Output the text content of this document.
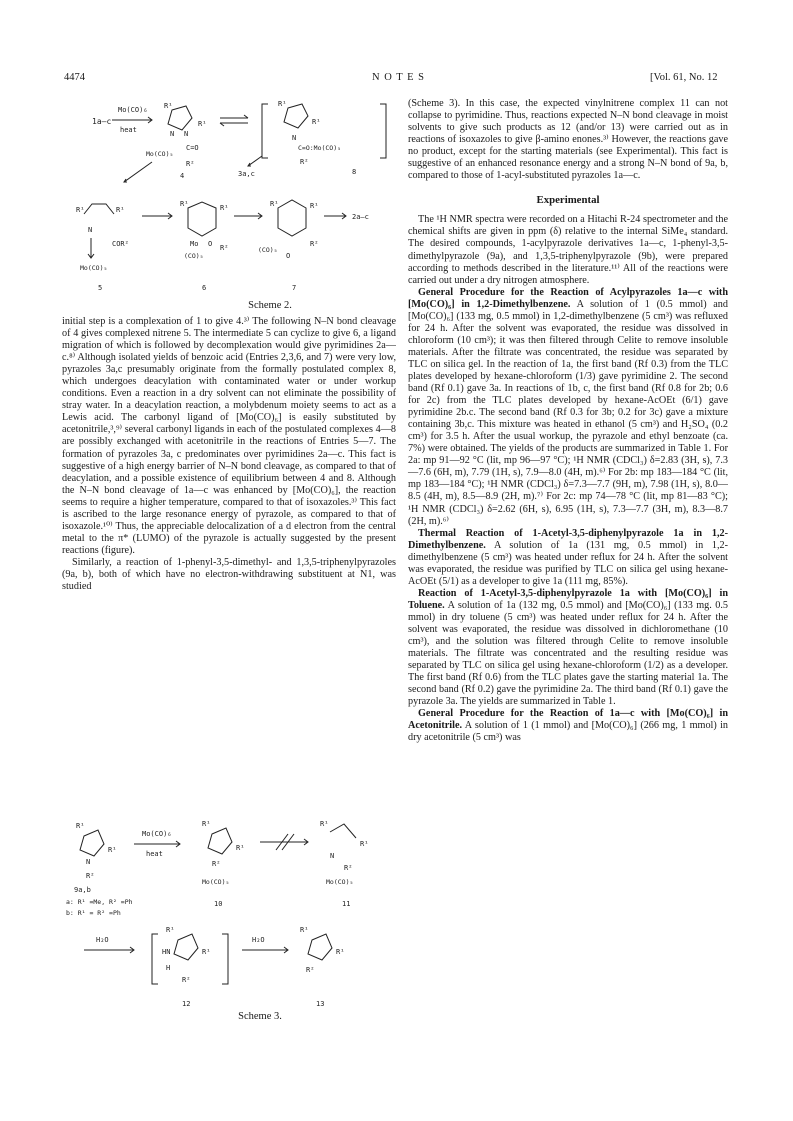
4474	N O T E S	[Vol. 61, No. 12
1a—c
Mo(CO)₆
heat
R¹
R¹
N N
Mo(CO)₅
C=O
R²
4
R¹
R¹
N
C=O:Mo(CO)₅
R²
8
3a,c
R¹	R¹
N
COR²
Mo(CO)₅
5
R¹	R¹
Mo O R²
(CO)₅
6
R¹	R¹
R²
(CO)₅
O
7
2a—c
Scheme 2.

initial step is a complexation of 1 to give 4.³⁾ The following N–N bond cleavage of 4 gives complexed nitrene 5. The intermediate 5 can cyclize to give 6, a ligand migration of which is followed by decomplexation would give pyrimidines 2a—c.⁸⁾ Although isolated yields of benzoic acid (Entries 2,3,6, and 7) were very low, pyrazoles 3a,c presumably originate from the formally postulated complex 8, which undergoes deacylation with contaminated water or under workup conditions. Even a reaction in a dry solvent can not eliminate the possibility of stray water. In a deacylation reaction, a molybdenum moiety seems to act as a Lewis acid. The carbonyl ligand of [Mo(CO)₆] is easily substituted by acetonitrile,³,⁹⁾ several carbonyl ligands in each of the postulated complexes 4—8 are possibly exchanged with acetonitrile in the reactions of Entries 5—7. The formation of pyrazoles 3a, c predominates over pyrimidines 2a—c. This fact is suggestive of a high energy barrier of N–N bond cleavage, as compared to that of deacylation, and a possible existence of equilibrium between 4 and 8. Although the N–N bond cleavage of 1a—c was enhanced by [Mo(CO)₆], the reaction seems to require a higher temperature, compared to that of isoxazoles.³⁾ This fact is ascribed to the large resonance energy of pyrazole, as compared to that of isoxazole.¹⁰⁾ Thus, the appreciable delocalization of a d electron from the central metal to the π* (LUMO) of the pyrazole is actually suggested by the present reactions (figure).

Similarly, a reaction of 1-phenyl-3,5-dimethyl- and 1,3,5-triphenylpyrazoles (9a, b), both of which have no electron-withdrawing substituent at N1, was studied

R¹
R¹
N
R²
9a,b
a: R¹ =Me, R² =Ph
b: R¹ = R² =Ph
Mo(CO)₆
heat
R¹
R¹
R²
Mo(CO)₅
10
R¹
R¹
N
R²
Mo(CO)₅
11
H₂O
R¹
R¹
HN
H
R²
12
H₂O
R¹
R¹
R²
13
Scheme 3.

(Scheme 3). In this case, the expected vinylnitrene complex 11 can not collapse to pyrimidine. Thus, reactions expected N–N bond cleavage in moist solvents to give such products as 12 (and/or 13) were carried out as in reactions of isoxazoles to give β-amino enones.³⁾ However, the reactions gave no product, except for the starting materials (see Experimental). This fact is suggestive of an enhanced resonance energy and a strong N–N bond of 9a, b, compared to those of 1-acyl-substituted pyrazoles 1a—c.

Experimental

The ¹H NMR spectra were recorded on a Hitachi R-24 spectrometer and the chemical shifts are given in ppm (δ) relative to the internal SiMe₄ standard. The desired compounds, 1-acylpyrazole derivatives 1a—c, 1-phenyl-3,5-dimethylpyrazole (9a), and 1,3,5-triphenylpyrazole (9b), were prepared according to methods described in the literature.¹¹⁾ All of the reactions were carried out under a dry nitrogen atmosphere.

General Procedure for the Reaction of Acylpyrazoles 1a—c with [Mo(CO)₆] in 1,2-Dimethylbenzene. A solution of 1 (0.5 mmol) and [Mo(CO)₆] (133 mg, 0.5 mmol) in 1,2-dimethylbenzene (5 cm³) was refluxed for 24 h. After the solvent was evaporated, the residue was dissolved in chloroform (10 cm³); it was then filtered through Celite to remove insoluble materials. After the filtrate was concentrated, the residue was separated by TLC on silica gel. In the reaction of 1a, the first band (Rf 0.3) from the TLC plates developed by hexane-chloroform (1/3) gave pyrimidine 2. The second band (Rf 0.1) gave 3a. In reactions of 1b, c, the first band (Rf 0.8 for 2b; 0.6 for 2c) from the TLC plates developed by hexane-AcOEt (6/1) gave pyrimidine 2b.c. The second band (Rf 0.3 for 3b; 0.2 for 3c) gave a mixture containing 3b,c. This mixture was heated in ethanol (5 cm³) and H₂SO₄ (0.2 cm³) for 3.5 h. After the usual workup, the pyrazole and ethyl benzoate (ca. 7%) were obtained. The yields of the products are summarized in Table 1. For 2a: mp 91—92 °C (lit, mp 96—97 °C); ¹H NMR (CDCl₃) δ=2.83 (3H, s), 7.3—7.6 (6H, m), 7.79 (1H, s), 7.9—8.0 (4H, m).⁶⁾ For 2b: mp 183—184 °C (lit, mp 183—184 °C); ¹H NMR (CDCl₃) δ=7.3—7.7 (9H, m), 7.98 (1H, s), 8.0—8.5 (4H, m), 8.5—8.9 (2H, m).⁷⁾ For 2c: mp 74—78 °C (lit, mp 81—83 °C); ¹H NMR (CDCl₃) δ=2.62 (6H, s), 6.95 (1H, s), 7.3—7.7 (3H, m), 8.3—8.7 (2H, m).⁶⁾

Thermal Reaction of 1-Acetyl-3,5-diphenylpyrazole 1a in 1,2-Dimethylbenzene. A solution of 1a (131 mg, 0.5 mmol) in 1,2-dimethylbenzene (5 cm³) was heated under reflux for 24 h. After the solvent was evaporated, the residue was purified by TLC on silica gel using hexane-AcOEt (5/1) as a developer to give 1a (111 mg, 85%).

Reaction of 1-Acetyl-3,5-diphenylpyrazole 1a with [Mo(CO)₆] in Toluene. A solution of 1a (132 mg, 0.5 mmol) and [Mo(CO)₆] (133 mg. 0.5 mmol) in dry toluene (5 cm³) was heated under reflux for 24 h. After the solvent was evaporated, the residue was dissolved in dichloromethane (10 cm³), and the solution was filtered through Celite to remove insoluble materials. The filtrate was concentrated and the resulting residue was separated by TLC on silica gel using hexane-chloroform (1/2) as a developer. The first band (Rf 0.6) from the TLC plates gave the starting material 1a. The second band (Rf 0.2) gave the pyrimidine 2a. The third band (Rf 0.1) gave the pyrazole 3a. The yields are summarized in Table 1.

General Procedure for the Reaction of 1a—c with [Mo(CO)₆] in Acetonitrile. A solution of 1 (1 mmol) and [Mo(CO)₆] (266 mg, 1 mmol) in dry acetonitrile (5 cm³) was
